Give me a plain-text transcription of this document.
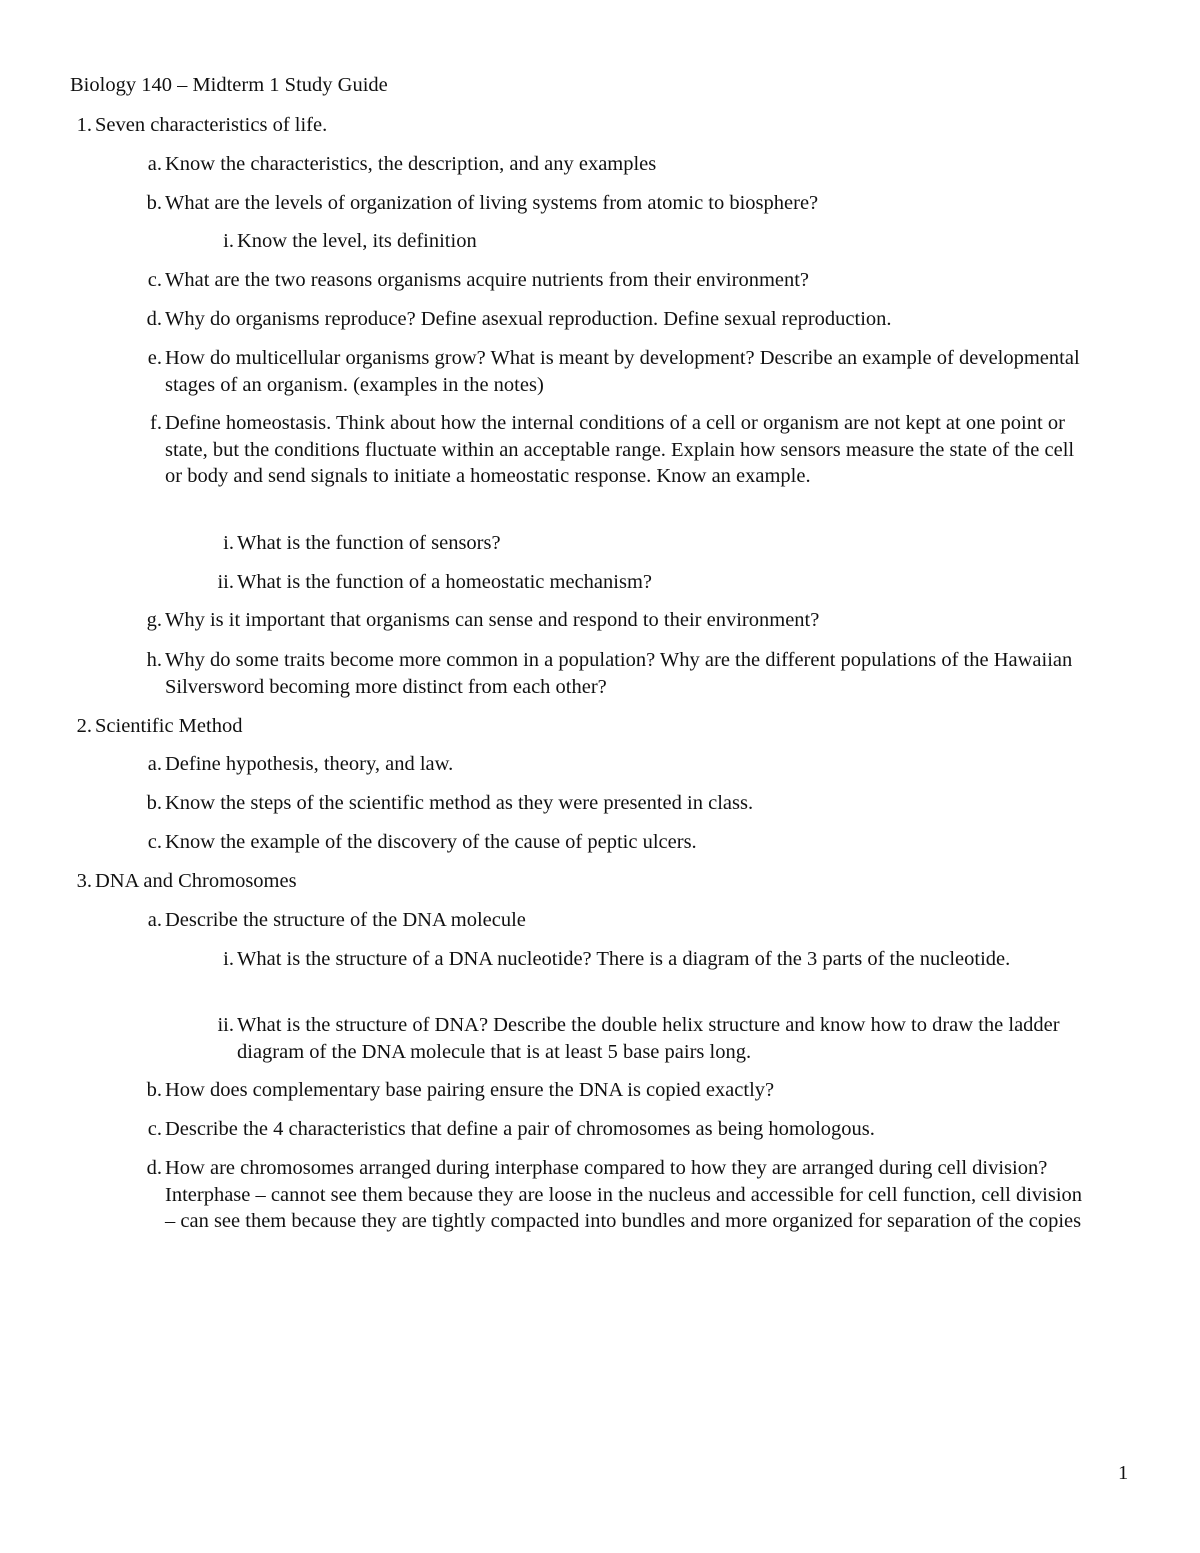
Biology 140 – Midterm 1 Study Guide
1. Seven characteristics of life.
a. Know the characteristics, the description, and any examples
b. What are the levels of organization of living systems from atomic to biosphere?
i. Know the level, its definition
c. What are the two reasons organisms acquire nutrients from their environment?
d. Why do organisms reproduce? Define asexual reproduction. Define sexual reproduction.
e. How do multicellular organisms grow? What is meant by development? Describe an example of developmental stages of an organism. (examples in the notes)
f. Define homeostasis. Think about how the internal conditions of a cell or organism are not kept at one point or state, but the conditions fluctuate within an acceptable range. Explain how sensors measure the state of the cell or body and send signals to initiate a homeostatic response. Know an example.
i. What is the function of sensors?
ii. What is the function of a homeostatic mechanism?
g. Why is it important that organisms can sense and respond to their environment?
h. Why do some traits become more common in a population? Why are the different populations of the Hawaiian Silversword becoming more distinct from each other?
2. Scientific Method
a. Define hypothesis, theory, and law.
b. Know the steps of the scientific method as they were presented in class.
c. Know the example of the discovery of the cause of peptic ulcers.
3. DNA and Chromosomes
a. Describe the structure of the DNA molecule
i. What is the structure of a DNA nucleotide? There is a diagram of the 3 parts of the nucleotide.
ii. What is the structure of DNA? Describe the double helix structure and know how to draw the ladder diagram of the DNA molecule that is at least 5 base pairs long.
b. How does complementary base pairing ensure the DNA is copied exactly?
c. Describe the 4 characteristics that define a pair of chromosomes as being homologous.
d. How are chromosomes arranged during interphase compared to how they are arranged during cell division? Interphase – cannot see them because they are loose in the nucleus and accessible for cell function, cell division – can see them because they are tightly compacted into bundles and more organized for separation of the copies
1
